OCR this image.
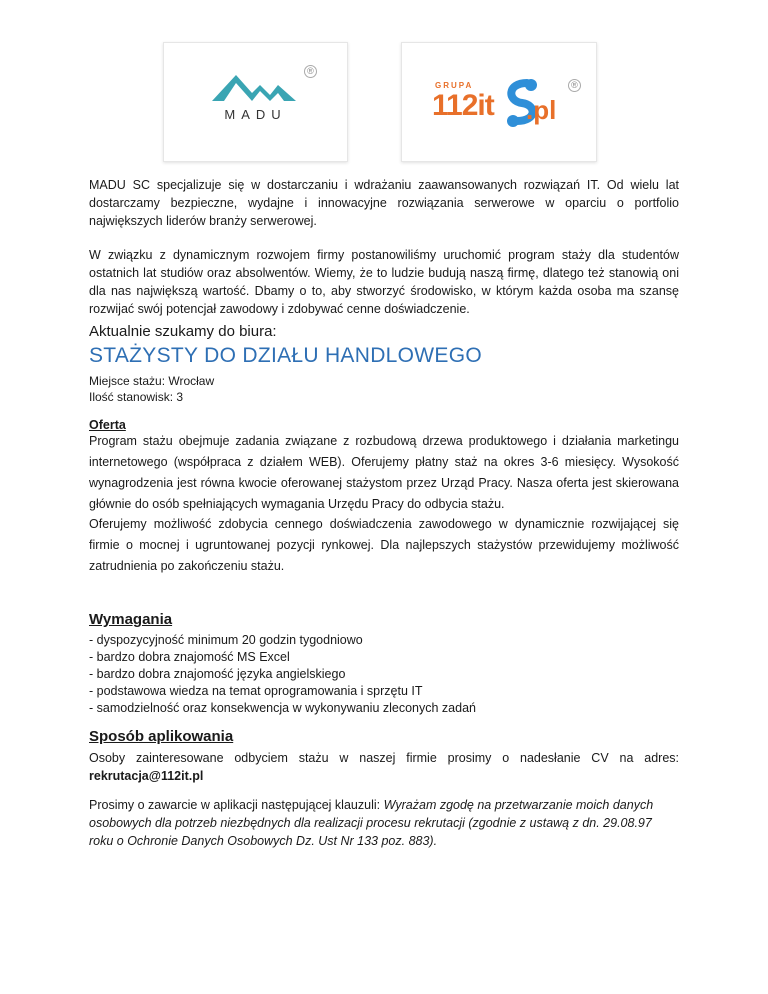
®
MADU
GRUPA
112it .pl
®

MADU SC specjalizuje się w dostarczaniu i wdrażaniu zaawansowanych rozwiązań IT. Od wielu lat dostarczamy bezpieczne, wydajne i innowacyjne rozwiązania serwerowe w oparciu o portfolio największych liderów branży serwerowej.

W związku z dynamicznym rozwojem firmy postanowiliśmy uruchomić program staży dla studentów ostatnich lat studiów oraz absolwentów. Wiemy, że to ludzie budują naszą firmę, dlatego też stanowią oni dla nas największą wartość. Dbamy o to, aby stworzyć środowisko, w którym każda osoba ma szansę rozwijać swój potencjał zawodowy i zdobywać cenne doświadczenie.

Aktualnie szukamy do biura:

STAŻYSTY DO DZIAŁU HANDLOWEGO
Miejsce stażu: Wrocław
Ilość stanowisk: 3

Oferta

Program stażu obejmuje zadania związane z rozbudową drzewa produktowego i działania marketingu internetowego (współpraca z działem WEB). Oferujemy płatny staż na okres 3-6 miesięcy. Wysokość wynagrodzenia jest równa kwocie oferowanej stażystom przez Urząd Pracy. Nasza oferta jest skierowana głównie do osób spełniających wymagania Urzędu Pracy do odbycia stażu.

Oferujemy możliwość zdobycia cennego doświadczenia zawodowego w dynamicznie rozwijającej się firmie o mocnej i ugruntowanej pozycji rynkowej. Dla najlepszych stażystów przewidujemy możliwość zatrudnienia po zakończeniu stażu.

Wymagania

- dyspozycyjność minimum 20 godzin tygodniowo
- bardzo dobra znajomość MS Excel
- bardzo dobra znajomość języka angielskiego
- podstawowa wiedza na temat oprogramowania i sprzętu IT
- samodzielność oraz konsekwencja w wykonywaniu zleconych zadań

Sposób aplikowania

Osoby zainteresowane odbyciem stażu w naszej firmie prosimy o nadesłanie CV na adres: rekrutacja@112it.pl

Prosimy o zawarcie w aplikacji następującej klauzuli: Wyrażam zgodę na przetwarzanie moich danych osobowych dla potrzeb niezbędnych dla realizacji procesu rekrutacji (zgodnie z ustawą z dn. 29.08.97 roku o Ochronie Danych Osobowych Dz. Ust Nr 133 poz. 883).
